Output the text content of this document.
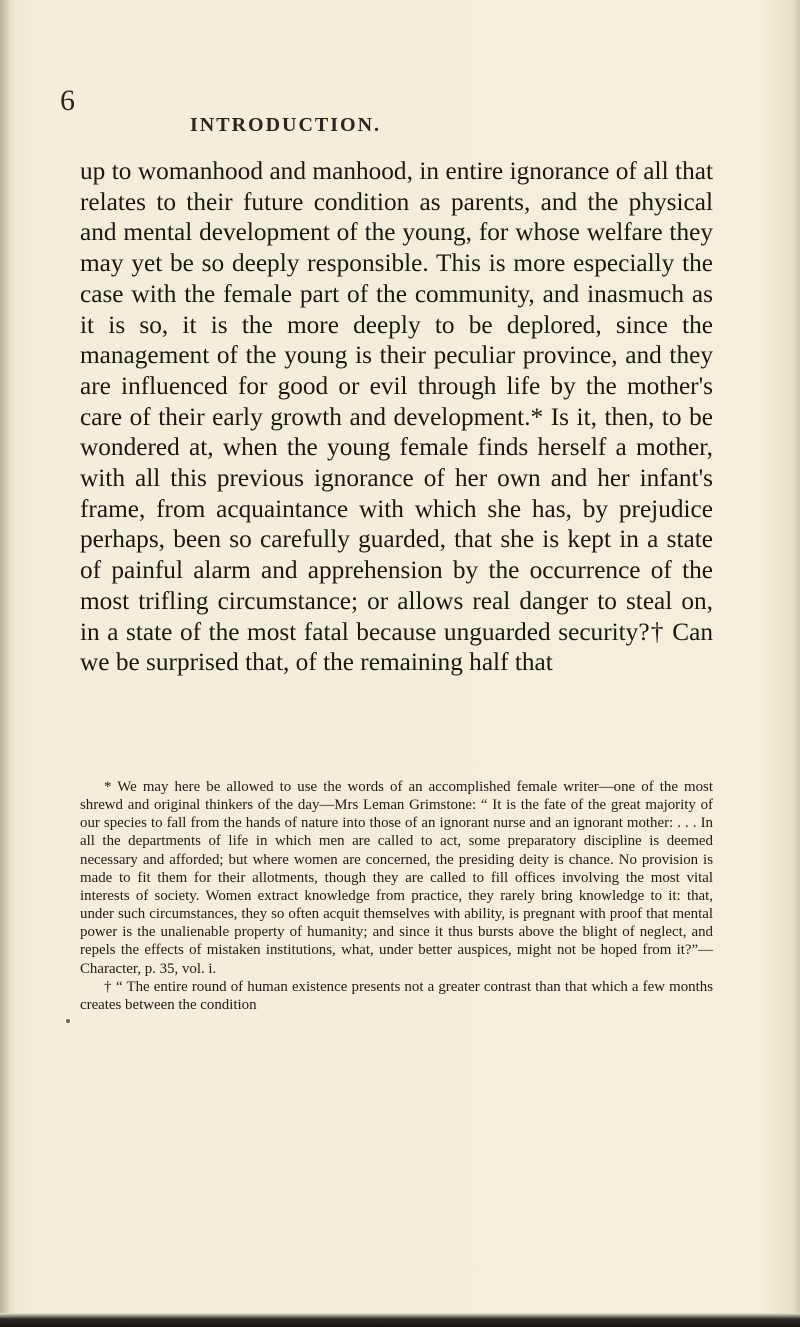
6
INTRODUCTION.

up to womanhood and manhood, in entire ignorance of all that relates to their future condition as parents, and the physical and mental development of the young, for whose welfare they may yet be so deeply responsible. This is more especially the case with the female part of the community, and inasmuch as it is so, it is the more deeply to be deplored, since the management of the young is their peculiar province, and they are influenced for good or evil through life by the mother's care of their early growth and development.* Is it, then, to be wondered at, when the young female finds herself a mother, with all this previous ignorance of her own and her infant's frame, from acquaintance with which she has, by prejudice perhaps, been so carefully guarded, that she is kept in a state of painful alarm and apprehension by the occurrence of the most trifling circumstance; or allows real danger to steal on, in a state of the most fatal because unguarded security?† Can we be surprised that, of the remaining half that

* We may here be allowed to use the words of an accomplished female writer—one of the most shrewd and original thinkers of the day—Mrs Leman Grimstone: “ It is the fate of the great majority of our species to fall from the hands of nature into those of an ignorant nurse and an ignorant mother: . . . In all the departments of life in which men are called to act, some preparatory discipline is deemed necessary and afforded; but where women are concerned, the presiding deity is chance. No provision is made to fit them for their allotments, though they are called to fill offices involving the most vital interests of society. Women extract knowledge from practice, they rarely bring knowledge to it: that, under such circumstances, they so often acquit themselves with ability, is pregnant with proof that mental power is the unalienable property of humanity; and since it thus bursts above the blight of neglect, and repels the effects of mistaken institutions, what, under better auspices, might not be hoped from it?”—Character, p. 35, vol. i.

† “ The entire round of human existence presents not a greater contrast than that which a few months creates between the condition
